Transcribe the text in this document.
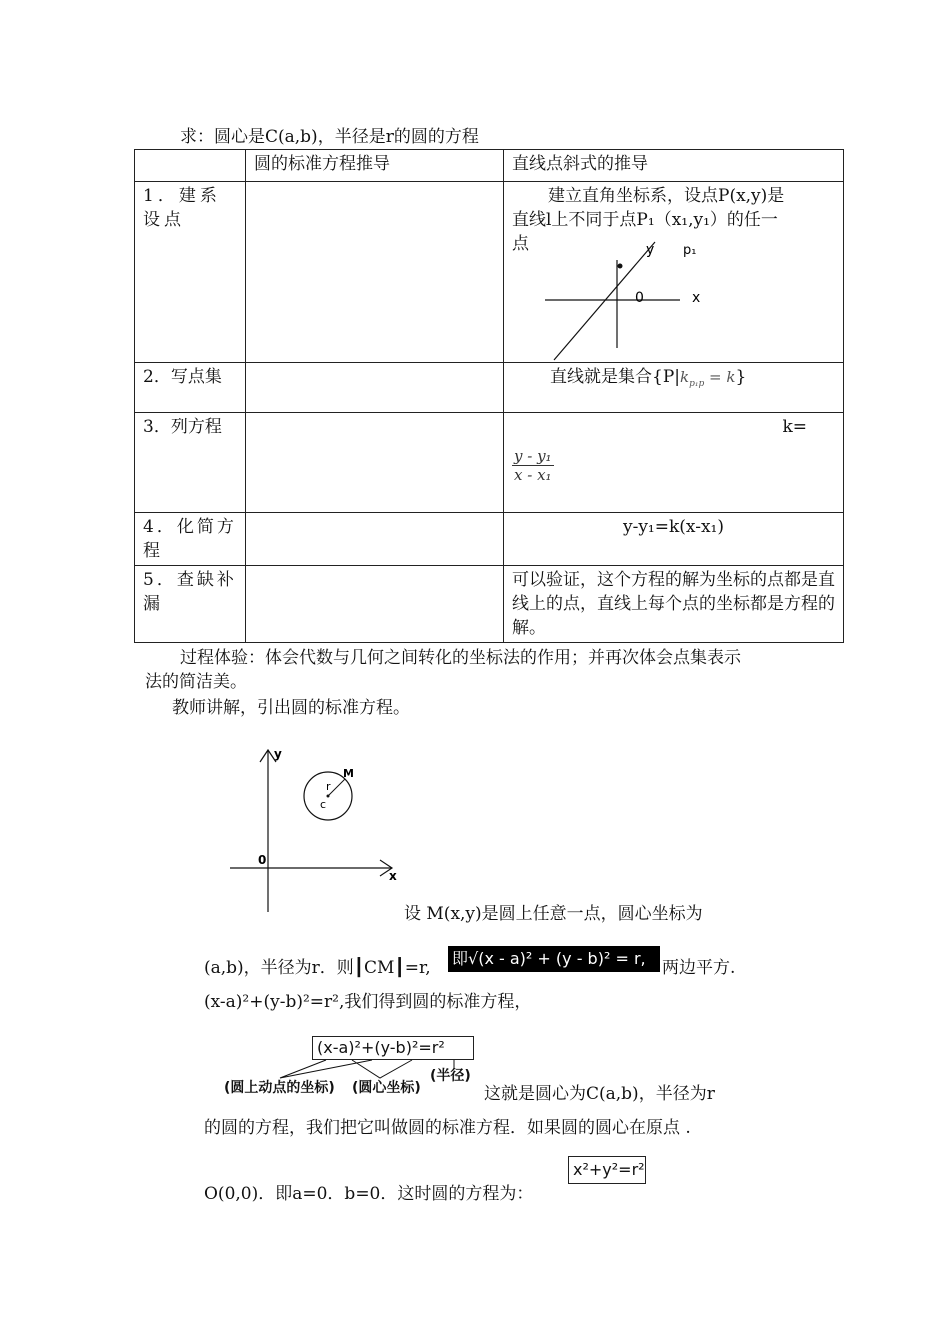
求：圆心是C(a,b)，半径是r的圆的方程
	圆的标准方程推导	直线点斜式的推导
1．建系设点		建立直角坐标系，设点P(x,y)是直线l上不同于点P₁（x₁,y₁）的任一点

2．写点集		直线就是集合$\{P|k_{p_1p} = k\}$
3．列方程		k=
$\frac{\text{y - y₁}}{\text{x - x₁}}$

4．化简方程		y-y₁=k(x-x₁)
5．查缺补漏		可以验证，这个方程的解为坐标的点都是直线上的点，直线上每个点的坐标都是方程的解。
y p₁
0	x
过程体验：体会代数与几何之间转化的坐标法的作用；并再次体会点集表示
法的简洁美。
教师讲解，引出圆的标准方程。
y
x
0
r
M
c
设 M(x,y)是圆上任意一点，圆心坐标为
(a,b)，半径为r．则┃CM┃=r, 即√(x - a)² + (y - b)² = r, 两边平方.
(x-a)²+(y-b)²=r²,我们得到圆的标准方程，
(x-a)²+(y-b)²=r²
(圆上动点的坐标) (圆心坐标)
(半径)
这就是圆心为C(a,b)，半径为r
的圆的方程，我们把它叫做圆的标准方程．如果圆的圆心在原点 .
x²+y²=r²
O(0,0)．即a=0．b=0．这时圆的方程为：
